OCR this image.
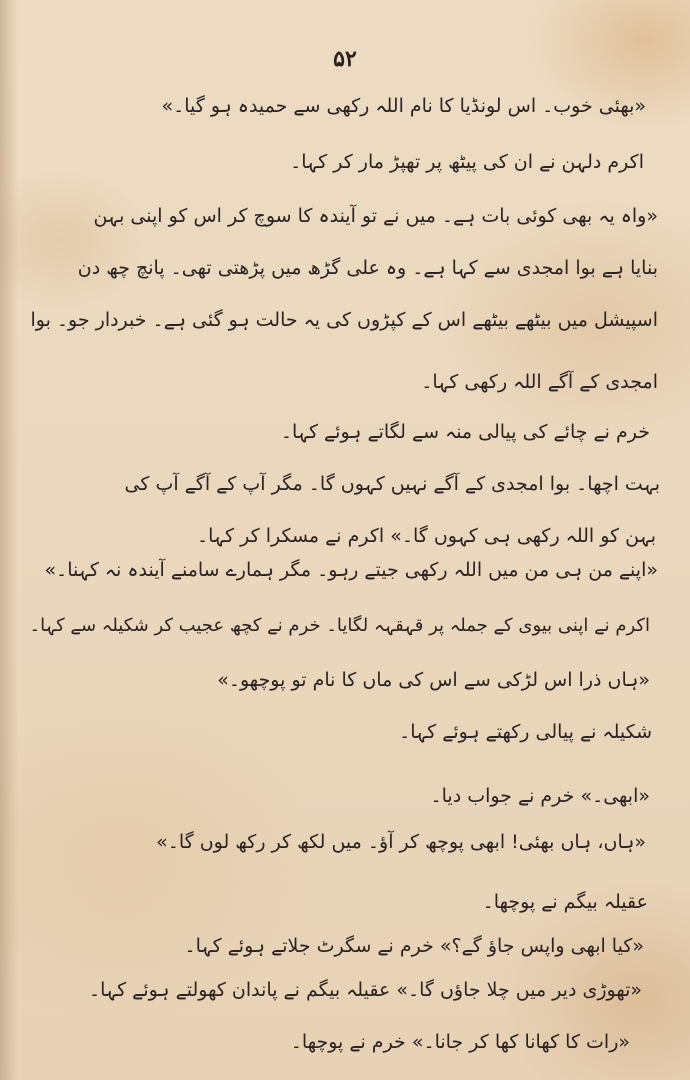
۵۲
«بھئی خوب۔ اس لونڈیا کا نام اللہ رکھی سے حمیدہ ہو گیا۔»
اکرم دلہن نے ان کی پیٹھ پر تھپڑ مار کر کہا۔
«واہ یہ بھی کوئی بات ہے۔ میں نے تو آیندہ کا سوچ کر اس کو اپنی بہن
بنایا ہے بوا امجدی سے کہا ہے۔ وہ علی گڑھ میں پڑھتی تھی۔ پانچ چھ دن
اسپیشل میں بیٹھے بیٹھے اس کے کپڑوں کی یہ حالت ہو گئی ہے۔ خبردار جو۔ بوا
امجدی کے آگے اللہ رکھی کہا۔
خرم نے چائے کی پیالی منہ سے لگاتے ہوئے کہا۔
بہت اچھا۔ بوا امجدی کے آگے نہیں کہوں گا۔ مگر آپ کے آگے آپ کی
بہن کو اللہ رکھی ہی کہوں گا۔» اکرم نے مسکرا کر کہا۔
«اپنے من ہی من میں اللہ رکھی جیتے رہو۔ مگر ہمارے سامنے آیندہ نہ کہنا۔»
اکرم نے اپنی بیوی کے جملہ پر قہقہہ لگایا۔ خرم نے کچھ عجیب کر شکیلہ سے کہا۔
«ہاں ذرا اس لڑکی سے اس کی ماں کا نام تو پوچھو۔»
شکیلہ نے پیالی رکھتے ہوئے کہا۔
«ابھی۔» خرم نے جواب دیا۔
«ہاں، ہاں بھئی! ابھی پوچھ کر آؤ۔ میں لکھ کر رکھ لوں گا۔»
عقیلہ بیگم نے پوچھا۔
«کیا ابھی واپس جاؤ گے؟» خرم نے سگرٹ جلاتے ہوئے کہا۔
«تھوڑی دیر میں چلا جاؤں گا۔» عقیلہ بیگم نے پاندان کھولتے ہوئے کہا۔
«رات کا کھانا کھا کر جانا۔» خرم نے پوچھا۔
